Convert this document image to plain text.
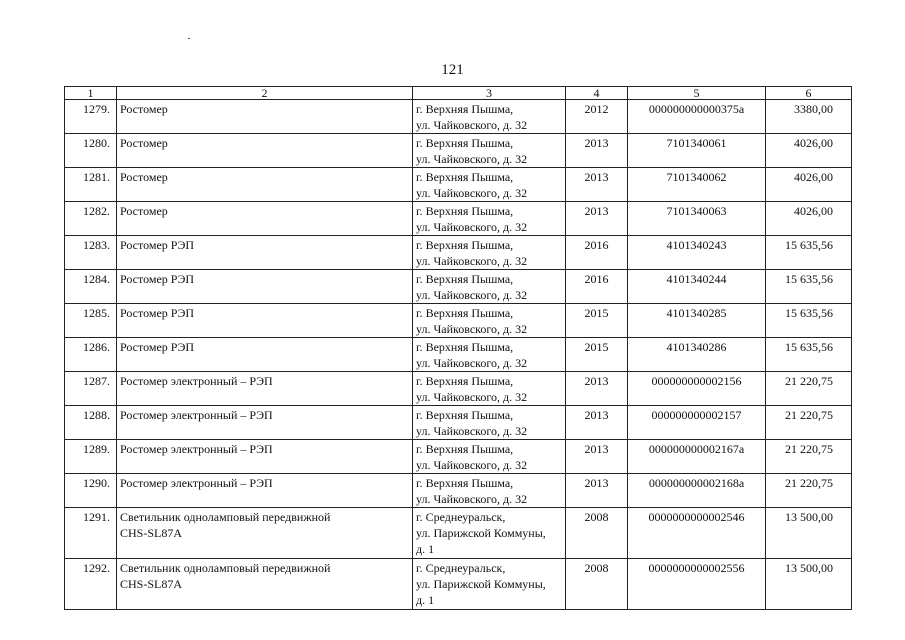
121
1	2	3	4	5	6
1279.	Ростомер	г. Верхняя Пышма,
ул. Чайковского, д. 32	2012	000000000000375а	3380,00
1280.	Ростомер	г. Верхняя Пышма,
ул. Чайковского, д. 32	2013	7101340061	4026,00
1281.	Ростомер	г. Верхняя Пышма,
ул. Чайковского, д. 32	2013	7101340062	4026,00
1282.	Ростомер	г. Верхняя Пышма,
ул. Чайковского, д. 32	2013	7101340063	4026,00
1283.	Ростомер РЭП	г. Верхняя Пышма,
ул. Чайковского, д. 32	2016	4101340243	15 635,56
1284.	Ростомер РЭП	г. Верхняя Пышма,
ул. Чайковского, д. 32	2016	4101340244	15 635,56
1285.	Ростомер РЭП	г. Верхняя Пышма,
ул. Чайковского, д. 32	2015	4101340285	15 635,56
1286.	Ростомер РЭП	г. Верхняя Пышма,
ул. Чайковского, д. 32	2015	4101340286	15 635,56
1287.	Ростомер электронный – РЭП	г. Верхняя Пышма,
ул. Чайковского, д. 32	2013	000000000002156	21 220,75
1288.	Ростомер электронный – РЭП	г. Верхняя Пышма,
ул. Чайковского, д. 32	2013	000000000002157	21 220,75
1289.	Ростомер электронный – РЭП	г. Верхняя Пышма,
ул. Чайковского, д. 32	2013	000000000002167а	21 220,75
1290.	Ростомер электронный – РЭП	г. Верхняя Пышма,
ул. Чайковского, д. 32	2013	000000000002168а	21 220,75
1291.	Светильник однолампoвый передвижной
CHS-SL87A	г. Среднеуральск,
ул. Парижской Коммуны,
д. 1	2008	0000000000002546	13 500,00
1292.	Светильник однолампoвый передвижной
CHS-SL87A	г. Среднеуральск,
ул. Парижской Коммуны,
д. 1	2008	0000000000002556	13 500,00
